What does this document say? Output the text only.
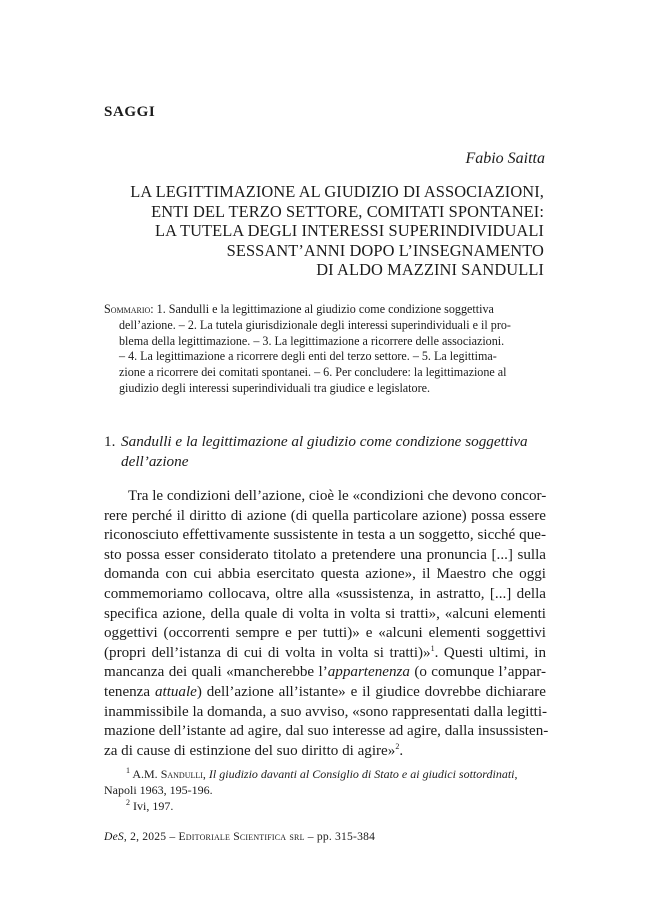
SAGGI
Fabio Saitta
LA LEGITTIMAZIONE AL GIUDIZIO DI ASSOCIAZIONI,
ENTI DEL TERZO SETTORE, COMITATI SPONTANEI:
LA TUTELA DEGLI INTERESSI SUPERINDIVIDUALI
SESSANT’ANNI DOPO L’INSEGNAMENTO
DI ALDO MAZZINI SANDULLI
Sommario: 1. Sandulli e la legittimazione al giudizio come condizione soggettiva
dell’azione. – 2. La tutela giurisdizionale degli interessi superindividuali e il pro-
blema della legittimazione. – 3. La legittimazione a ricorrere delle associazioni.
– 4. La legittimazione a ricorrere degli enti del terzo settore. – 5. La legittima-
zione a ricorrere dei comitati spontanei. – 6. Per concludere: la legittimazione al
giudizio degli interessi superindividuali tra giudice e legislatore.
1. Sandulli e la legittimazione al giudizio come condizione soggettiva
dell’azione
Tra le condizioni dell’azione, cioè le «condizioni che devono concor-
rere perché il diritto di azione (di quella particolare azione) possa essere
riconosciuto effettivamente sussistente in testa a un soggetto, sicché que-
sto possa esser considerato titolato a pretendere una pronuncia [...] sulla
domanda con cui abbia esercitato questa azione», il Maestro che oggi
commemoriamo collocava, oltre alla «sussistenza, in astratto, [...] della
specifica azione, della quale di volta in volta si tratti», «alcuni elementi
oggettivi (occorrenti sempre e per tutti)» e «alcuni elementi soggettivi
(propri dell’istanza di cui di volta in volta si tratti)»$^1$. Questi ultimi, in
mancanza dei quali «mancherebbe l’appartenenza (o comunque l’appar-
tenenza attuale) dell’azione all’istante» e il giudice dovrebbe dichiarare
inammissibile la domanda, a suo avviso, «sono rappresentati dalla legitti-
mazione dell’istante ad agire, dal suo interesse ad agire, dalla insussisten-
za di cause di estinzione del suo diritto di agire»$^2$.
$^1$ A.M. Sandulli, Il giudizio davanti al Consiglio di Stato e ai giudici sottordinati,
Napoli 1963, 195-196.
$^2$ Ivi, 197.
DeS, 2, 2025 – Editoriale Scientifica srl – pp. 315-384
